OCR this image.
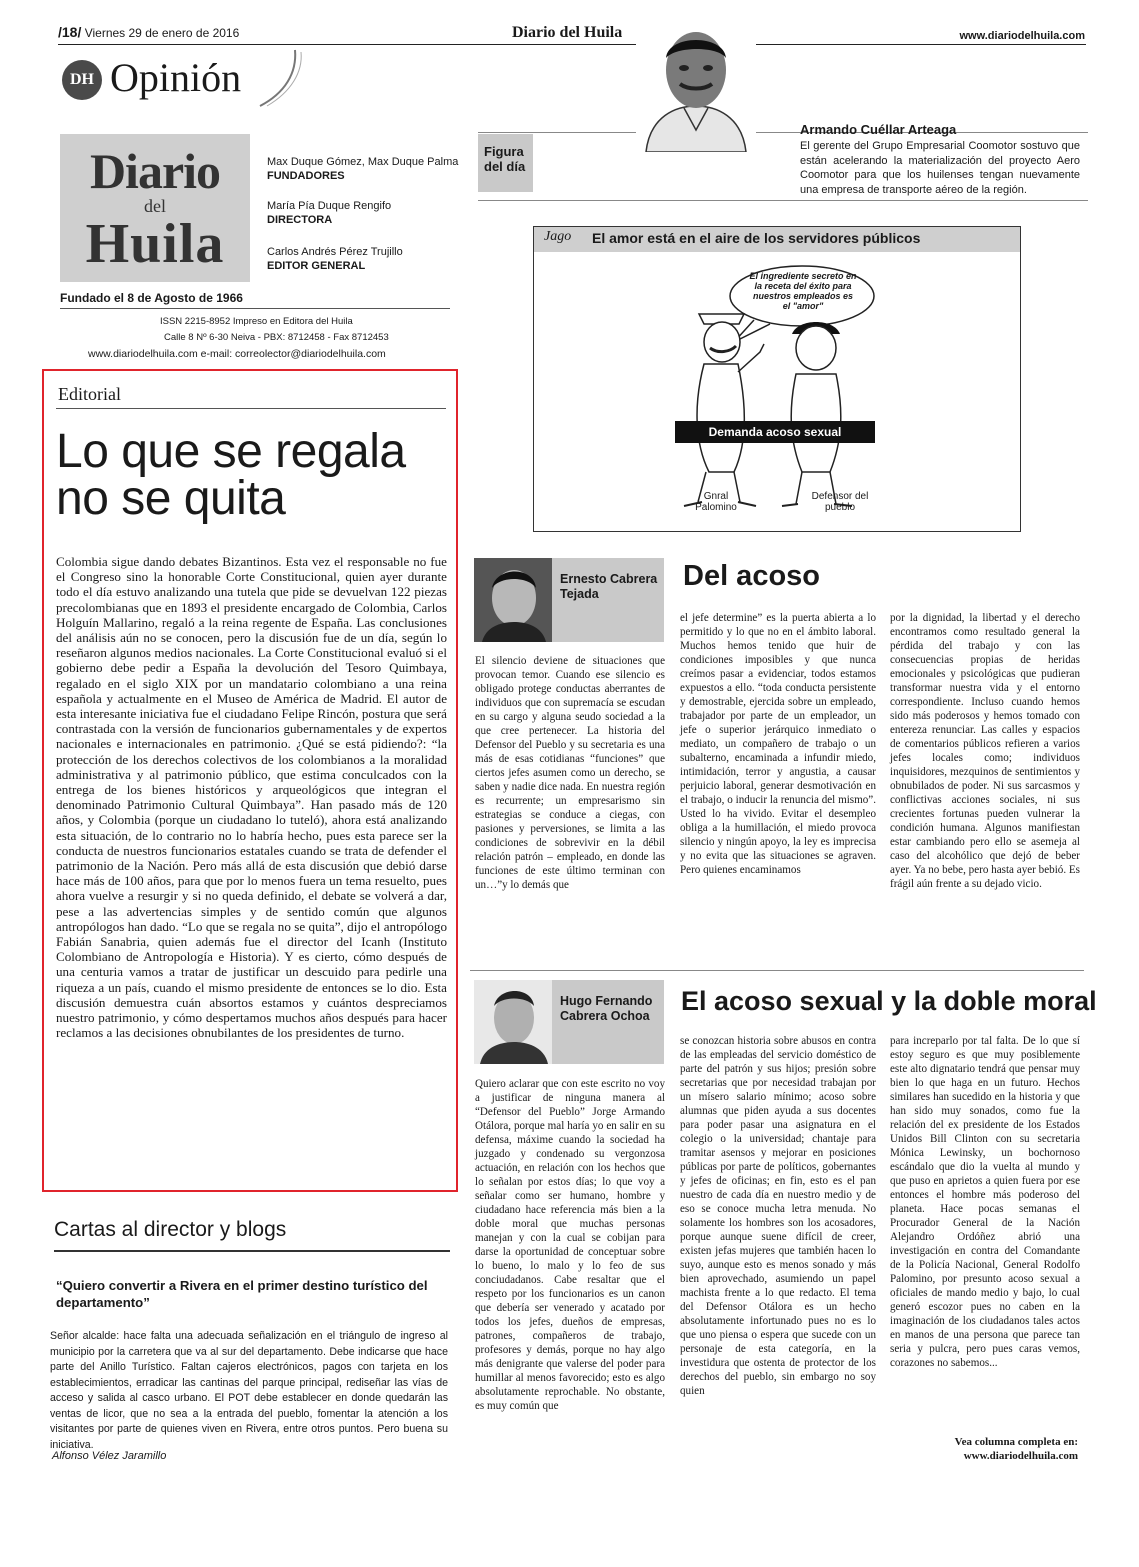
/18/ Viernes 29 de enero de 2016	Diario del Huila	www.diariodelhuila.com
DH Opinión
Diario
del
Huila
Fundado el 8 de Agosto de 1966
Max Duque Gómez, Max Duque Palma
FUNDADORES
María Pía Duque Rengifo
DIRECTORA
Carlos Andrés Pérez Trujillo
EDITOR GENERAL
ISSN 2215-8952 Impreso en Editora del Huila
Calle 8 Nº 6-30 Neiva - PBX: 8712458 - Fax 8712453
www.diariodelhuila.com e-mail: correolector@diariodelhuila.com
Figura del día
Armando Cuéllar Arteaga
El gerente del Grupo Empresarial Coomotor sostuvo que están acelerando la materialización del proyecto Aero Coomotor para que los huilenses tengan nuevamente una empresa de transporte aéreo de la región.
Jago El amor está en el aire de los servidores públicos
El ingrediente secreto en la receta del éxito para nuestros empleados es el "amor"
Demanda acoso sexual
Gnral Palomino
Defensor del pueblo
Editorial
Lo que se regala no se quita
Colombia sigue dando debates Bizantinos. Esta vez el responsable no fue el Congreso sino la honorable Corte Constitucional, quien ayer durante todo el día estuvo analizando una tutela que pide se devuelvan 122 piezas precolombianas que en 1893 el presidente encargado de Colombia, Carlos Holguín Mallarino, regaló a la reina regente de España. Las conclusiones del análisis aún no se conocen, pero la discusión fue de un día, según lo reseñaron algunos medios nacionales. La Corte Constitucional evaluó si el gobierno debe pedir a España la devolución del Tesoro Quimbaya, regalado en el siglo XIX por un mandatario colombiano a una reina española y actualmente en el Museo de América de Madrid. El autor de esta interesante iniciativa fue el ciudadano Felipe Rincón, postura que será contrastada con la versión de funcionarios gubernamentales y de expertos nacionales e internacionales en patrimonio. ¿Qué se está pidiendo?: “la protección de los derechos colectivos de los colombianos a la moralidad administrativa y al patrimonio público, que estima conculcados con la entrega de los bienes históricos y arqueológicos que integran el denominado Patrimonio Cultural Quimbaya”. Han pasado más de 120 años, y Colombia (porque un ciudadano lo tuteló), ahora está analizando esta situación, de lo contrario no lo habría hecho, pues esta parece ser la conducta de nuestros funcionarios estatales cuando se trata de defender el patrimonio de la Nación. Pero más allá de esta discusión que debió darse hace más de 100 años, para que por lo menos fuera un tema resuelto, pues ahora vuelve a resurgir y si no queda definido, el debate se volverá a dar, pese a las advertencias simples y de sentido común que algunos antropólogos han dado. “Lo que se regala no se quita”, dijo el antropólogo Fabián Sanabria, quien además fue el director del Icanh (Instituto Colombiano de Antropología e Historia). Y es cierto, cómo después de una centuria vamos a tratar de justificar un descuido para pedirle una riqueza a un país, cuando el mismo presidente de entonces se lo dio. Esta discusión demuestra cuán absortos estamos y cuántos despreciamos nuestro patrimonio, y cómo despertamos muchos años después para hacer reclamos a las decisiones obnubilantes de los presidentes de turno.
Cartas al director y blogs
“Quiero convertir a Rivera en el primer destino turístico del departamento”
Señor alcalde: hace falta una adecuada señalización en el triángulo de ingreso al municipio por la carretera que va al sur del departamento. Debe indicarse que hace parte del Anillo Turístico. Faltan cajeros electrónicos, pagos con tarjeta en los establecimientos, erradicar las cantinas del parque principal, rediseñar las vías de acceso y salida al casco urbano. El POT debe establecer en donde quedarán las ventas de licor, que no sea a la entrada del pueblo, fomentar la atención a los visitantes por parte de quienes viven en Rivera, entre otros puntos. Pero buena su iniciativa.
Alfonso Vélez Jaramillo
Ernesto Cabrera Tejada
Del acoso
El silencio deviene de situaciones que provocan temor. Cuando ese silencio es obligado protege conductas aberrantes de individuos que con supremacía se escudan en su cargo y alguna seudo sociedad a la que cree pertenecer. La historia del Defensor del Pueblo y su secretaria es una más de esas cotidianas “funciones” que ciertos jefes asumen como un derecho, se saben y nadie dice nada. En nuestra región es recurrente; un empresarismo sin estrategias se conduce a ciegas, con pasiones y perversiones, se limita a las condiciones de sobrevivir en la débil relación patrón – empleado, en donde las funciones de este último terminan con un…”y lo demás que
el jefe determine” es la puerta abierta a lo permitido y lo que no en el ámbito laboral. Muchos hemos tenido que huir de condiciones imposibles y que nunca creímos pasar a evidenciar, todos estamos expuestos a ello. “toda conducta persistente y demostrable, ejercida sobre un empleado, trabajador por parte de un empleador, un jefe o superior jerárquico inmediato o mediato, un compañero de trabajo o un subalterno, encaminada a infundir miedo, intimidación, terror y angustia, a causar perjuicio laboral, generar desmotivación en el trabajo, o inducir la renuncia del mismo”. Usted lo ha vivido. Evitar el desempleo obliga a la humillación, el miedo provoca silencio y ningún apoyo, la ley es imprecisa y no evita que las situaciones se agraven. Pero quienes encaminamos
por la dignidad, la libertad y el derecho encontramos como resultado general la pérdida del trabajo y con las consecuencias propias de heridas emocionales y psicológicas que pudieran transformar nuestra vida y el entorno correspondiente. Incluso cuando hemos sido más poderosos y hemos tomado con entereza renunciar. Las calles y espacios de comentarios públicos refieren a varios jefes locales como; individuos inquisidores, mezquinos de sentimientos y obnubilados de poder. Ni sus sarcasmos y conflictivas acciones sociales, ni sus crecientes fortunas pueden vulnerar la condición humana. Algunos manifiestan estar cambiando pero ello se asemeja al caso del alcohólico que dejó de beber ayer. Ya no bebe, pero hasta ayer bebió. Es frágil aún frente a su dejado vicio.
Hugo Fernando Cabrera Ochoa	El acoso sexual y la doble moral
Quiero aclarar que con este escrito no voy a justificar de ninguna manera al “Defensor del Pueblo” Jorge Armando Otálora, porque mal haría yo en salir en su defensa, máxime cuando la sociedad ha juzgado y condenado su vergonzosa actuación, en relación con los hechos que lo señalan por estos días; lo que voy a señalar como ser humano, hombre y ciudadano hace referencia más bien a la doble moral que muchas personas manejan y con la cual se cobijan para darse la oportunidad de conceptuar sobre lo bueno, lo malo y lo feo de sus conciudadanos. Cabe resaltar que el respeto por los funcionarios es un canon que debería ser venerado y acatado por todos los jefes, dueños de empresas, patrones, compañeros de trabajo, profesores y demás, porque no hay algo más denigrante que valerse del poder para humillar al menos favorecido; esto es algo absolutamente reprochable. No obstante, es muy común que
se conozcan historia sobre abusos en contra de las empleadas del servicio doméstico de parte del patrón y sus hijos; presión sobre secretarias que por necesidad trabajan por un mísero salario mínimo; acoso sobre alumnas que piden ayuda a sus docentes para poder pasar una asignatura en el colegio o la universidad; chantaje para tramitar asensos y mejorar en posiciones públicas por parte de políticos, gobernantes y jefes de oficinas; en fin, esto es el pan nuestro de cada día en nuestro medio y de eso se conoce mucha letra menuda. No solamente los hombres son los acosadores, porque aunque suene difícil de creer, existen jefas mujeres que también hacen lo suyo, aunque esto es menos sonado y más bien aprovechado, asumiendo un papel machista frente a lo que redacto. El tema del Defensor Otálora es un hecho absolutamente infortunado pues no es lo que uno piensa o espera que sucede con un personaje de esta categoría, en la investidura que ostenta de protector de los derechos del pueblo, sin embargo no soy quien
para increparlo por tal falta. De lo que sí estoy seguro es que muy posiblemente este alto dignatario tendrá que pensar muy bien lo que haga en un futuro. Hechos similares han sucedido en la historia y que han sido muy sonados, como fue la relación del ex presidente de los Estados Unidos Bill Clinton con su secretaria Mónica Lewinsky, un bochornoso escándalo que dio la vuelta al mundo y que puso en aprietos a quien fuera por ese entonces el hombre más poderoso del planeta. Hace pocas semanas el Procurador General de la Nación Alejandro Ordóñez abrió una investigación en contra del Comandante de la Policía Nacional, General Rodolfo Palomino, por presunto acoso sexual a oficiales de mando medio y bajo, lo cual generó escozor pues no caben en la imaginación de los ciudadanos tales actos en manos de una persona que parece tan seria y pulcra, pero pues caras vemos, corazones no sabemos...
Vea columna completa en: www.diariodelhuila.com
